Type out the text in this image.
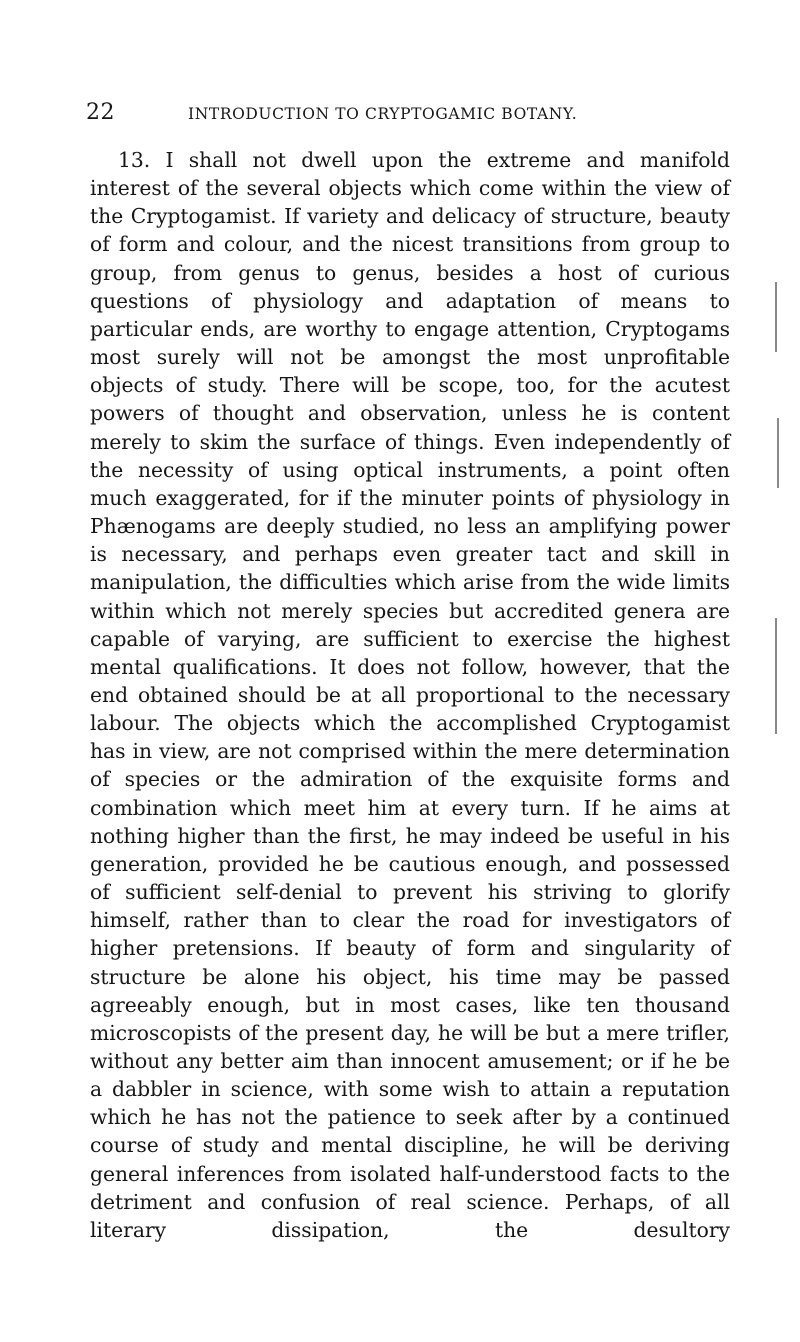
22	INTRODUCTION TO CRYPTOGAMIC BOTANY.

13. I shall not dwell upon the extreme and manifold interest of the several objects which come within the view of the Cryptogamist. If variety and delicacy of structure, beauty of form and colour, and the nicest transitions from group to group, from genus to genus, besides a host of curious questions of physiology and adaptation of means to particular ends, are worthy to engage attention, Cryptogams most surely will not be amongst the most unprofitable objects of study. There will be scope, too, for the acutest powers of thought and observation, unless he is content merely to skim the surface of things. Even independently of the necessity of using optical instruments, a point often much exaggerated, for if the minuter points of physiology in Phænogams are deeply studied, no less an amplifying power is necessary, and perhaps even greater tact and skill in manipulation, the difficulties which arise from the wide limits within which not merely species but accredited genera are capable of varying, are sufficient to exercise the highest mental qualifications. It does not follow, however, that the end obtained should be at all proportional to the necessary labour. The objects which the accomplished Cryptogamist has in view, are not comprised within the mere determination of species or the admiration of the exquisite forms and combination which meet him at every turn. If he aims at nothing higher than the first, he may indeed be useful in his generation, provided he be cautious enough, and possessed of sufficient self-denial to prevent his striving to glorify himself, rather than to clear the road for investigators of higher pretensions. If beauty of form and singularity of structure be alone his object, his time may be passed agreeably enough, but in most cases, like ten thousand microscopists of the present day, he will be but a mere trifler, without any better aim than innocent amusement; or if he be a dabbler in science, with some wish to attain a reputation which he has not the patience to seek after by a continued course of study and mental discipline, he will be deriving general inferences from isolated half-understood facts to the detriment and confusion of real science. Perhaps, of all literary dissipation, the desultory
